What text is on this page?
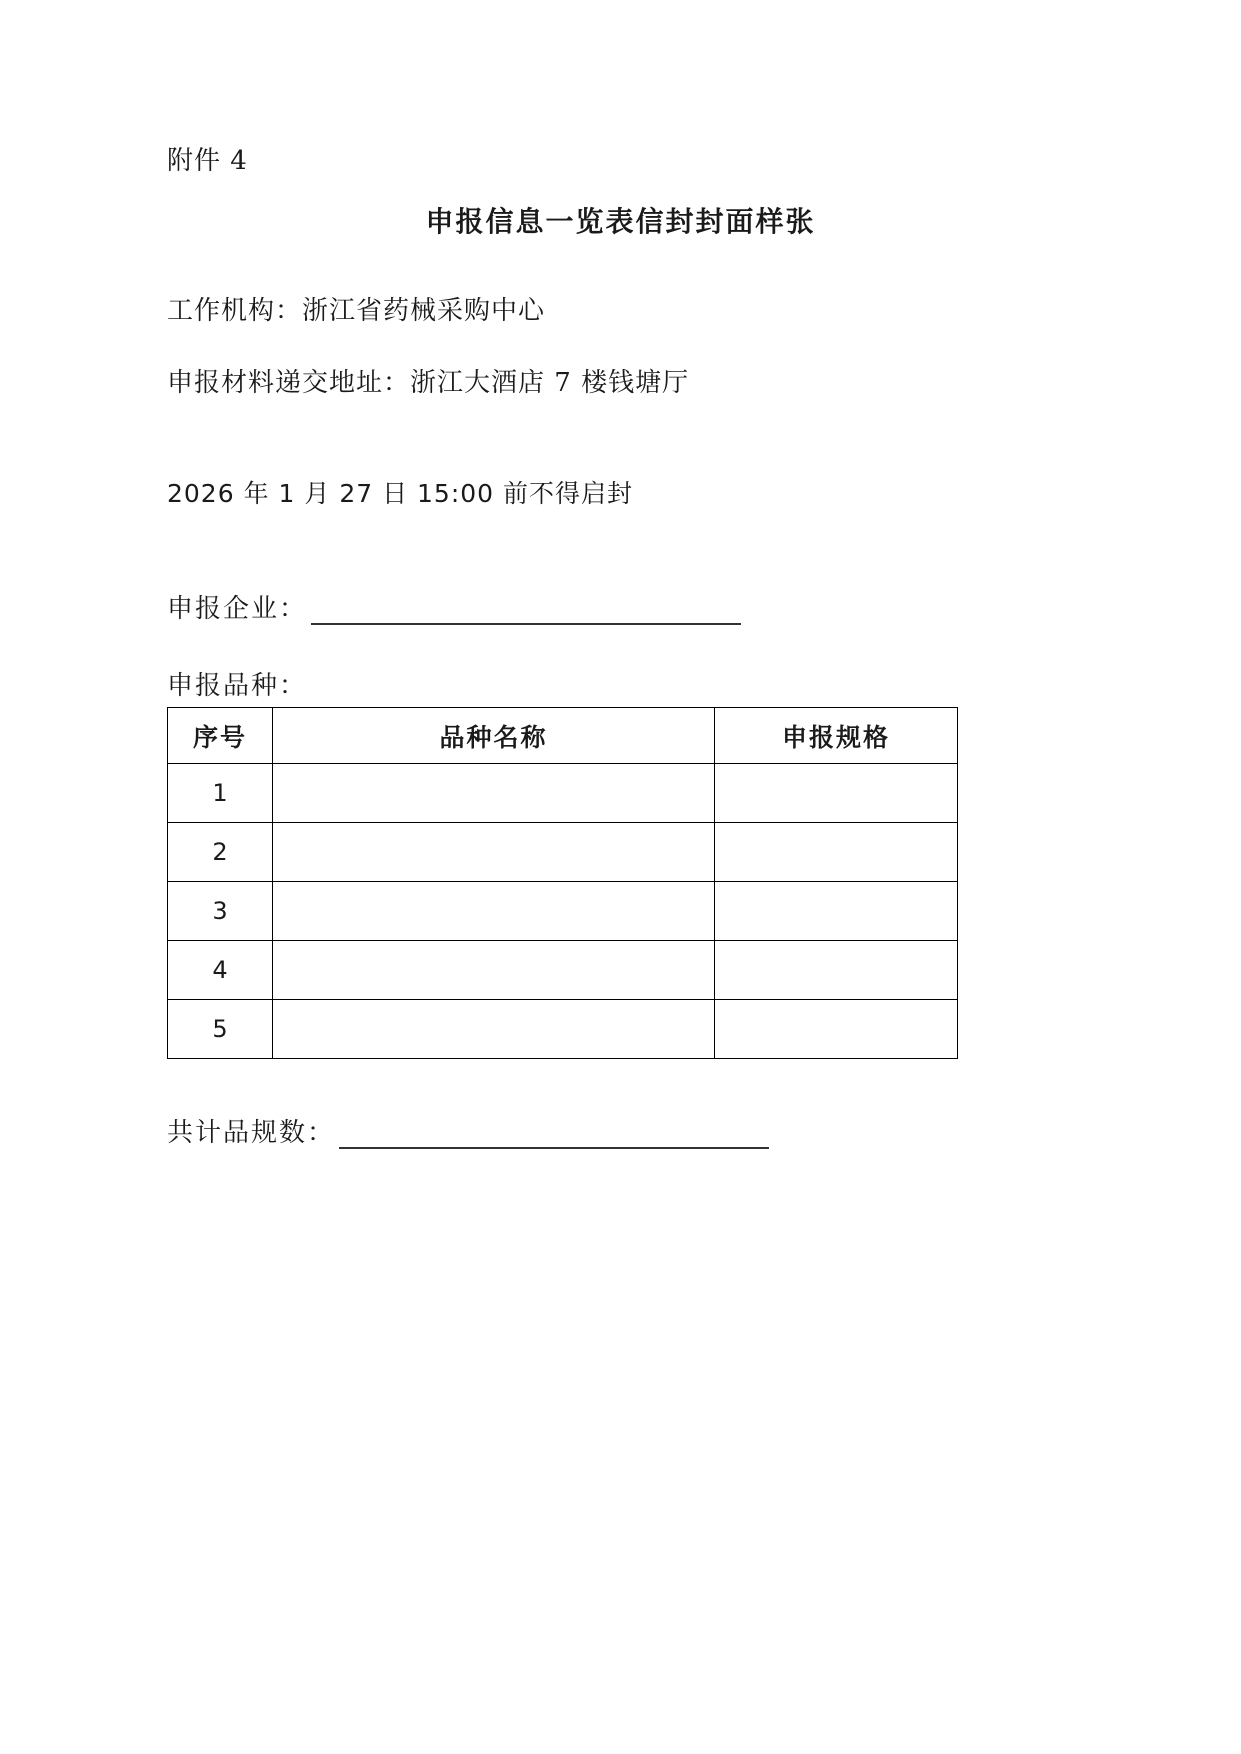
附件 4
申报信息一览表信封封面样张
工作机构：浙江省药械采购中心
申报材料递交地址：浙江大酒店 7 楼钱塘厅
2026 年 1 月 27 日 15:00 前不得启封
申报企业：
申报品种：
序号	品种名称	申报规格
1		
2		
3		
4		
5		
共计品规数：
